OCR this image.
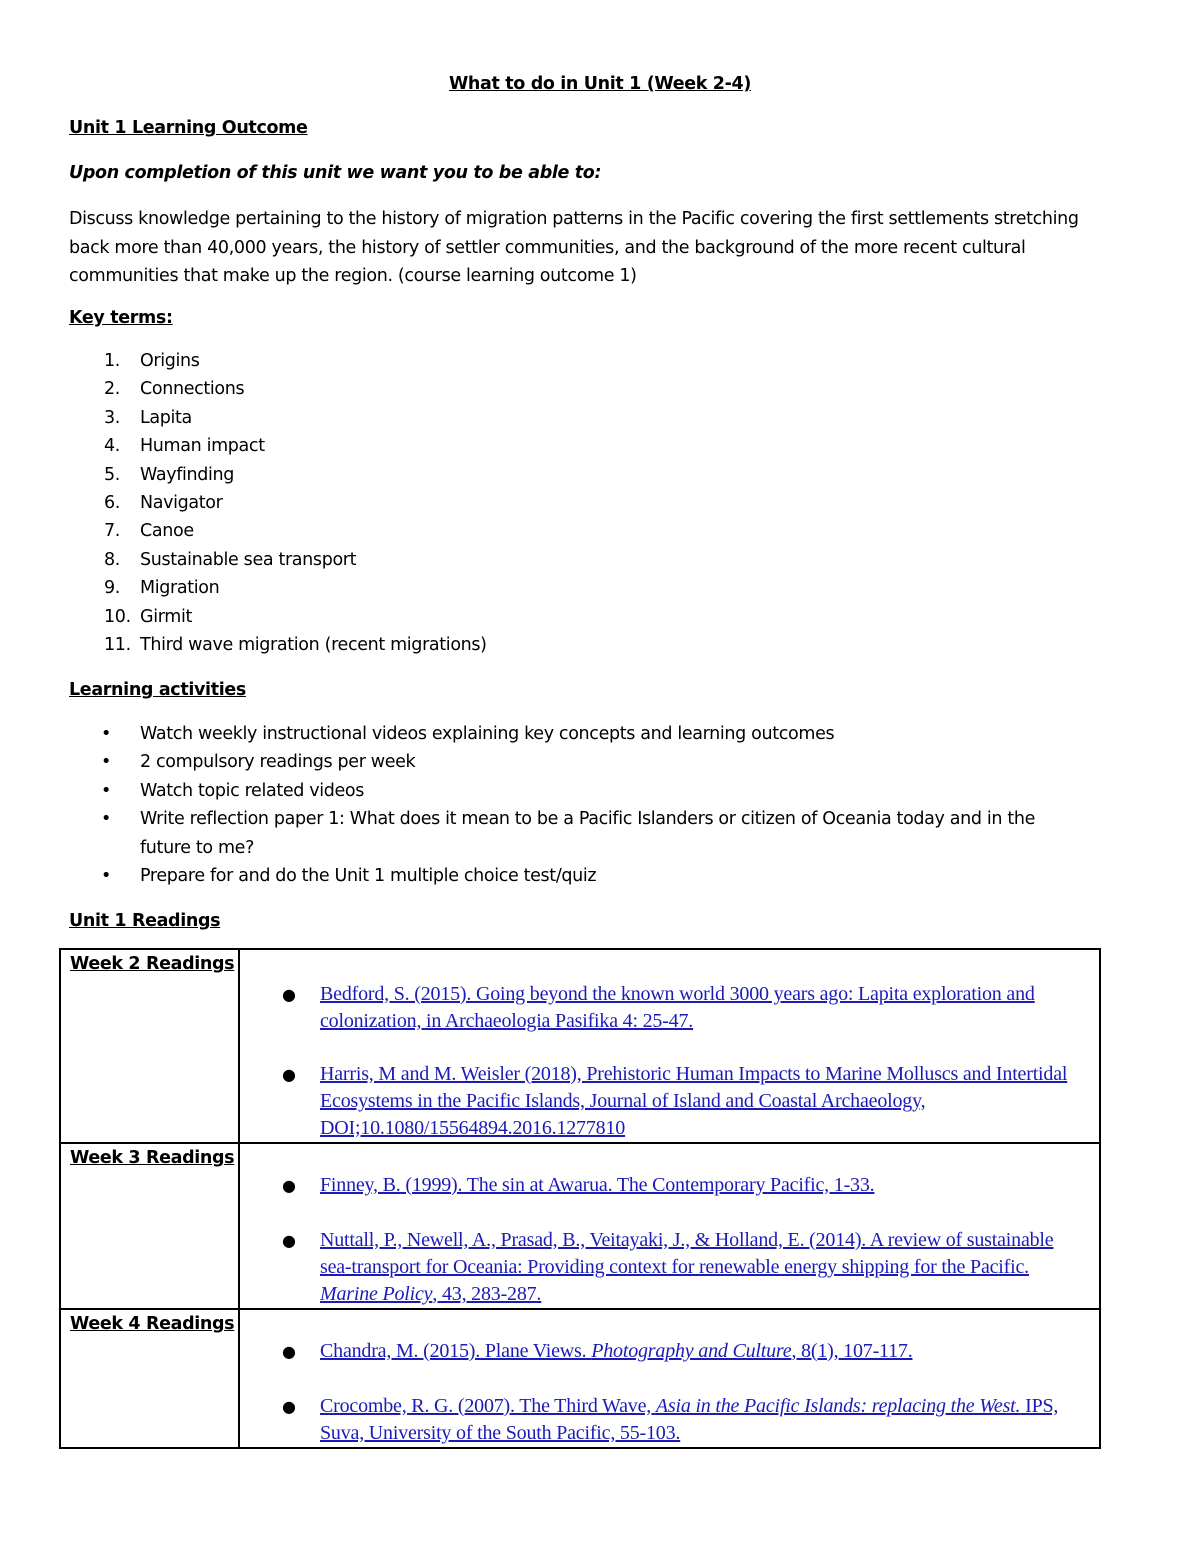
What to do in Unit 1 (Week 2-4)
Unit 1 Learning Outcome
Upon completion of this unit we want you to be able to:
Discuss knowledge pertaining to the history of migration patterns in the Pacific covering the first settlements stretching back more than 40,000 years, the history of settler communities, and the background of the more recent cultural communities that make up the region. (course learning outcome 1)
Key terms:
1. Origins
2. Connections
3. Lapita
4. Human impact
5. Wayfinding
6. Navigator
7. Canoe
8. Sustainable sea transport
9. Migration
10. Girmit
11. Third wave migration (recent migrations)
Learning activities
• Watch weekly instructional videos explaining key concepts and learning outcomes
• 2 compulsory readings per week
• Watch topic related videos
• Write reflection paper 1: What does it mean to be a Pacific Islanders or citizen of Oceania today and in the future to me?
• Prepare for and do the Unit 1 multiple choice test/quiz
Unit 1 Readings
Week 2 Readings	● Bedford, S. (2015). Going beyond the known world 3000 years ago: Lapita exploration and colonization, in Archaeologia Pasifika 4: 25-47.
● Harris, M and M. Weisler (2018), Prehistoric Human Impacts to Marine Molluscs and Intertidal Ecosystems in the Pacific Islands, Journal of Island and Coastal Archaeology, DOI;10.1080/15564894.2016.1277810

Week 3 Readings	● Finney, B. (1999). The sin at Awarua. The Contemporary Pacific, 1-33.
● Nuttall, P., Newell, A., Prasad, B., Veitayaki, J., & Holland, E. (2014). A review of sustainable sea-transport for Oceania: Providing context for renewable energy shipping for the Pacific. Marine Policy, 43, 283-287.

Week 4 Readings	● Chandra, M. (2015). Plane Views. Photography and Culture, 8(1), 107-117.
● Crocombe, R. G. (2007). The Third Wave, Asia in the Pacific Islands: replacing the West. IPS, Suva, University of the South Pacific, 55-103.
